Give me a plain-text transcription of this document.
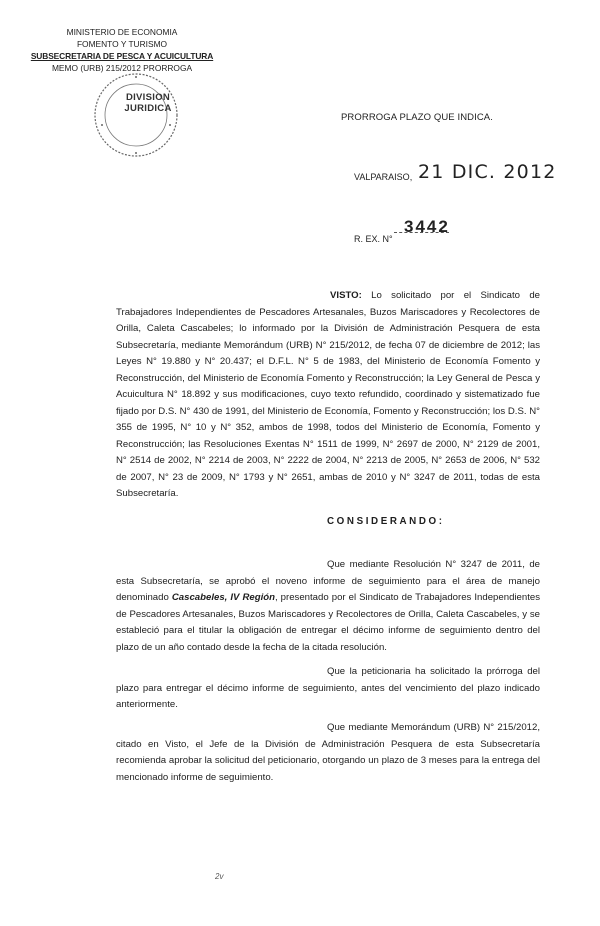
MINISTERIO DE ECONOMIA
FOMENTO Y TURISMO
SUBSECRETARIA DE PESCA Y ACUICULTURA
MEMO (URB) 215/2012 PRORROGA
DIVISION
JURIDICA
PRORROGA PLAZO QUE INDICA.
VALPARAISO, 21 DIC. 2012
R. EX. N°
3442

VISTO: Lo solicitado por el Sindicato de Trabajadores Independientes de Pescadores Artesanales, Buzos Mariscadores y Recolectores de Orilla, Caleta Cascabeles; lo informado por la División de Administración Pesquera de esta Subsecretaría, mediante Memorándum (URB) N° 215/2012, de fecha 07 de diciembre de 2012; las Leyes N° 19.880 y N° 20.437; el D.F.L. N° 5 de 1983, del Ministerio de Economía Fomento y Reconstrucción, del Ministerio de Economía Fomento y Reconstrucción; la Ley General de Pesca y Acuicultura N° 18.892 y sus modificaciones, cuyo texto refundido, coordinado y sistematizado fue fijado por D.S. N° 430 de 1991, del Ministerio de Economía, Fomento y Reconstrucción; los D.S. N° 355 de 1995, N° 10 y N° 352, ambos de 1998, todos del Ministerio de Economía, Fomento y Reconstrucción; las Resoluciones Exentas N° 1511 de 1999, N° 2697 de 2000, N° 2129 de 2001, N° 2514 de 2002, N° 2214 de 2003, N° 2222 de 2004, N° 2213 de 2005, N° 2653 de 2006, N° 532 de 2007, N° 23 de 2009, N° 1793 y N° 2651, ambas de 2010 y N° 3247 de 2011, todas de esta Subsecretaría.

CONSIDERANDO:

Que mediante Resolución N° 3247 de 2011, de esta Subsecretaría, se aprobó el noveno informe de seguimiento para el área de manejo denominado Cascabeles, IV Región, presentado por el Sindicato de Trabajadores Independientes de Pescadores Artesanales, Buzos Mariscadores y Recolectores de Orilla, Caleta Cascabeles, y se estableció para el titular la obligación de entregar el décimo informe de seguimiento dentro del plazo de un año contado desde la fecha de la citada resolución.

Que la peticionaria ha solicitado la prórroga del plazo para entregar el décimo informe de seguimiento, antes del vencimiento del plazo indicado anteriormente.

Que mediante Memorándum (URB) N° 215/2012, citado en Visto, el Jefe de la División de Administración Pesquera de esta Subsecretaría recomienda aprobar la solicitud del peticionario, otorgando un plazo de 3 meses para la entrega del mencionado informe de seguimiento.

2v
